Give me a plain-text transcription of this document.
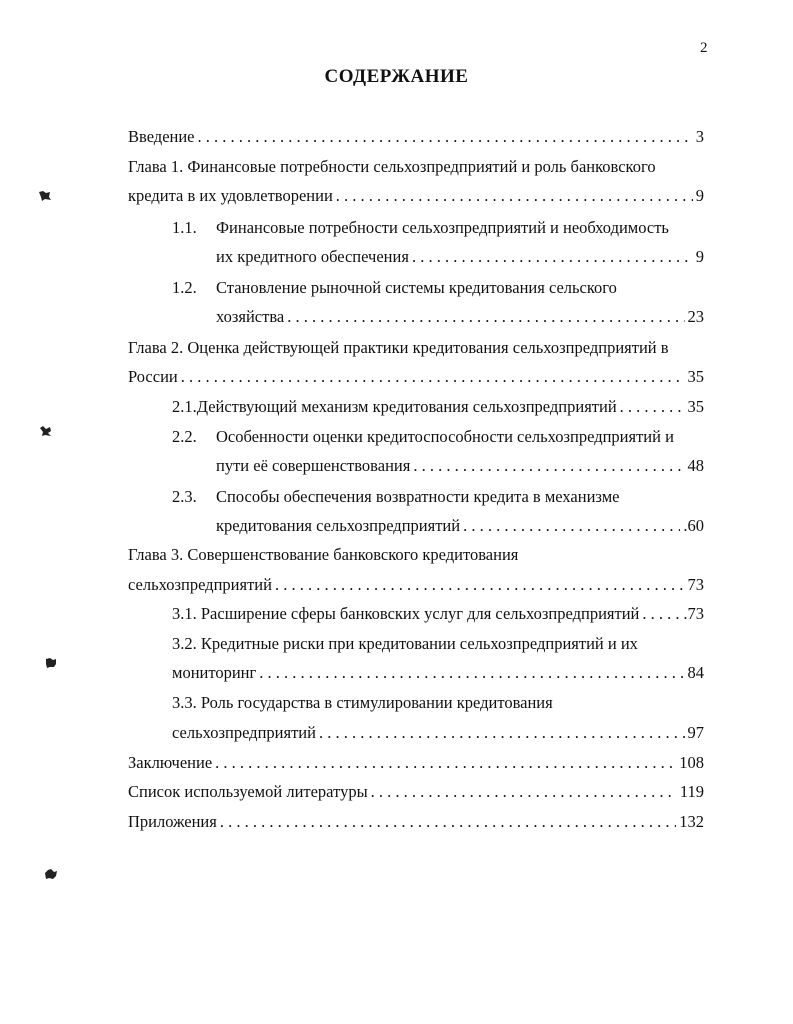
2
СОДЕРЖАНИЕ
Введение . . .	3
Глава 1. Финансовые потребности сельхозпредприятий и роль банковского
кредита в их удовлетворении . . .	9
1.1. Финансовые потребности сельхозпредприятий и необходимость
их кредитного обеспечения . . .	9
1.2. Становление рыночной системы кредитования сельского
хозяйства . . .	23
Глава 2. Оценка действующей практики кредитования сельхозпредприятий в
России . . .	35
2.1. Действующий механизм кредитования сельхозпредприятий . . .	35
2.2. Особенности оценки кредитоспособности сельхозпредприятий и
пути её совершенствования . . .	48
2.3. Способы обеспечения возвратности кредита в механизме
кредитования сельхозпредприятий . . .	.60
Глава 3. Совершенствование банковского кредитования
сельхозпредприятий . . .	73
3.1. Расширение сферы банковских услуг для сельхозпредприятий . . .	.73
3.2. Кредитные риски при кредитовании сельхозпредприятий и их
мониторинг . . .	84
3.3. Роль государства в стимулировании кредитования
сельхозпредприятий . . .	97
Заключение . . .	108
Список используемой литературы . . .	119
Приложения . . .	132
